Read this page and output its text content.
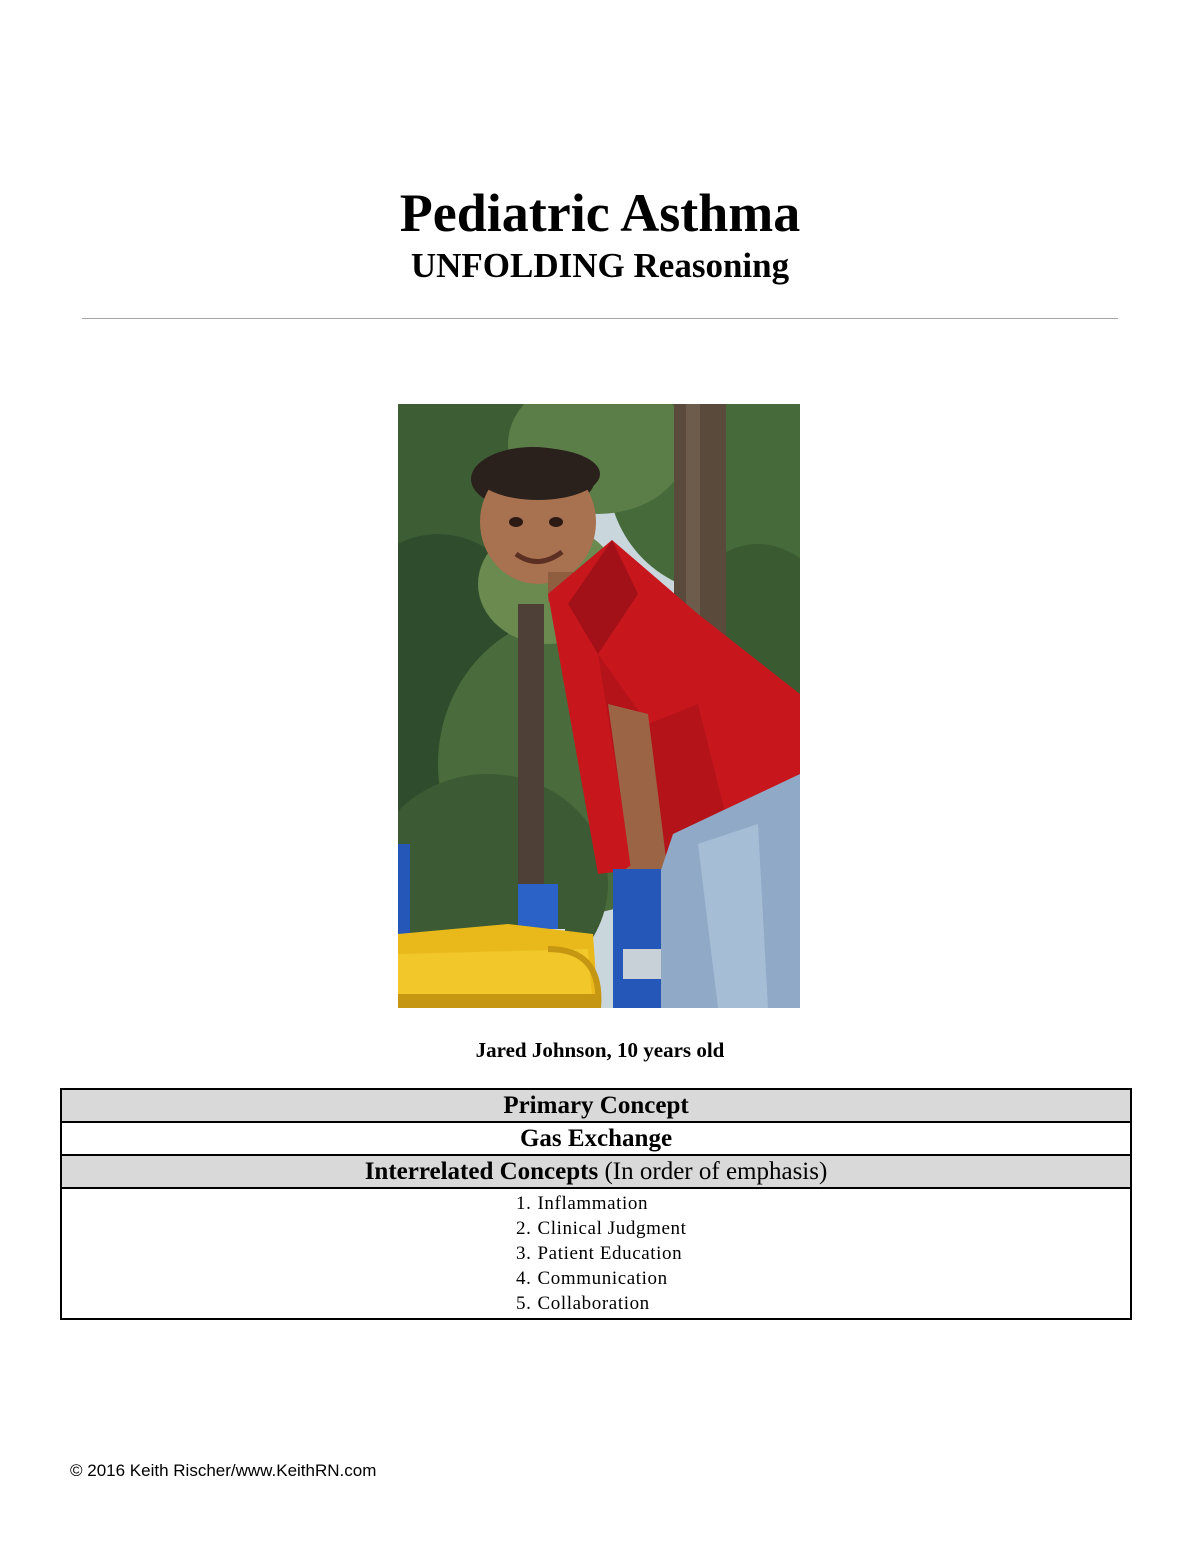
Pediatric Asthma
UNFOLDING Reasoning
Jared Johnson, 10 years old
Primary Concept
Gas Exchange
Interrelated Concepts (In order of emphasis)

1. Inflammation
2. Clinical Judgment
3. Patient Education
4. Communication
5. Collaboration
© 2016 Keith Rischer/www.KeithRN.com
